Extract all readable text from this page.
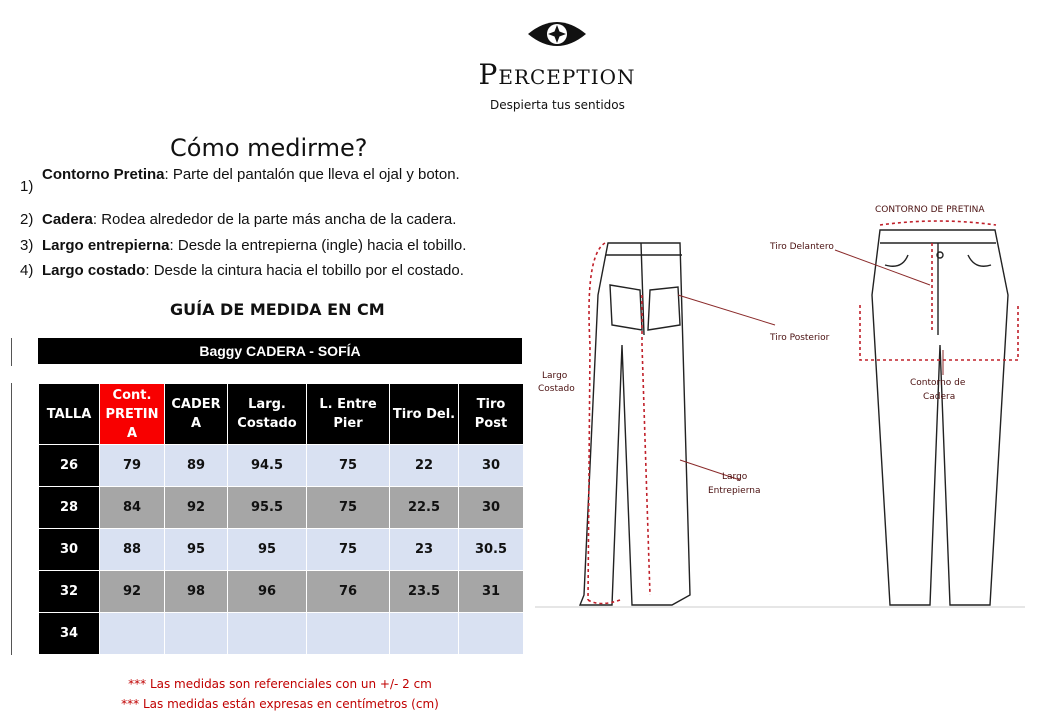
Perception
Despierta tus sentidos
Cómo medirme?
1)
Contorno Pretina: Parte del pantalón que lleva el ojal y boton.
2) Cadera: Rodea alrededor de la parte más ancha de la cadera.
3) Largo entrepierna: Desde la entrepierna (ingle) hacia el tobillo.
4) Largo costado: Desde la cintura hacia el tobillo por el costado.
GUÍA DE MEDIDA EN CM
Baggy CADERA - SOFÍA
TALLA	Cont. PRETIN A	CADER A	Larg. Costado	L. Entre Pier	Tiro Del.	Tiro Post
26	79	89	94.5	75	22	30
28	84	92	95.5	75	22.5	30
30	88	95	95	75	23	30.5
32	92	98	96	76	23.5	31
34						
*** Las medidas son referenciales con un +/- 2 cm
*** Las medidas están expresas en centímetros (cm)
CONTORNO DE PRETINA
Tiro Delantero
Tiro Posterior
Largo
Costado
Contorno de
Cadera
Largo
Entrepierna
